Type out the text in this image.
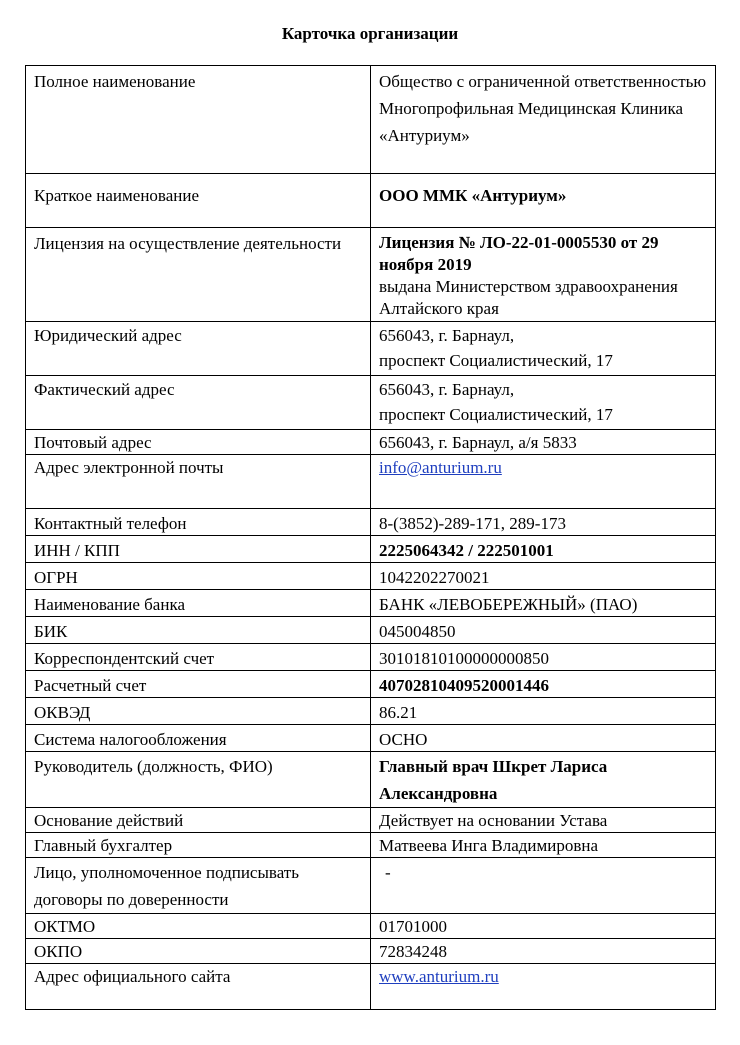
Карточка организации
Полное наименование	Общество с ограниченной ответственностью Многопрофильная Медицинская Клиника «Антуриум»
Краткое наименование	ООО ММК «Антуриум»
Лицензия на осуществление деятельности	Лицензия № ЛО-22-01-0005530 от 29 ноября 2019
выдана Министерством здравоохранения Алтайского края

Юридический адрес	656043, г. Барнаул,
проспект Социалистический, 17

Фактический адрес	656043, г. Барнаул,
проспект Социалистический, 17

Почтовый адрес	656043, г. Барнаул, а/я 5833
Адрес электронной почты	info@anturium.ru
Контактный телефон	8-(3852)-289-171, 289-173
ИНН / КПП	2225064342 / 222501001
ОГРН	1042202270021
Наименование банка	БАНК «ЛЕВОБЕРЕЖНЫЙ» (ПАО)
БИК	045004850
Корреспондентский счет	30101810100000000850
Расчетный счет	40702810409520001446
ОКВЭД	86.21
Система налогообложения	ОСНО
Руководитель (должность, ФИО)	Главный врач Шкрет Лариса Александровна
Основание действий	Действует на основании Устава
Главный бухгалтер	Матвеева Инга Владимировна
Лицо, уполномоченное подписывать договоры по доверенности	-
ОКТМО	01701000
ОКПО	72834248
Адрес официального сайта	www.anturium.ru
